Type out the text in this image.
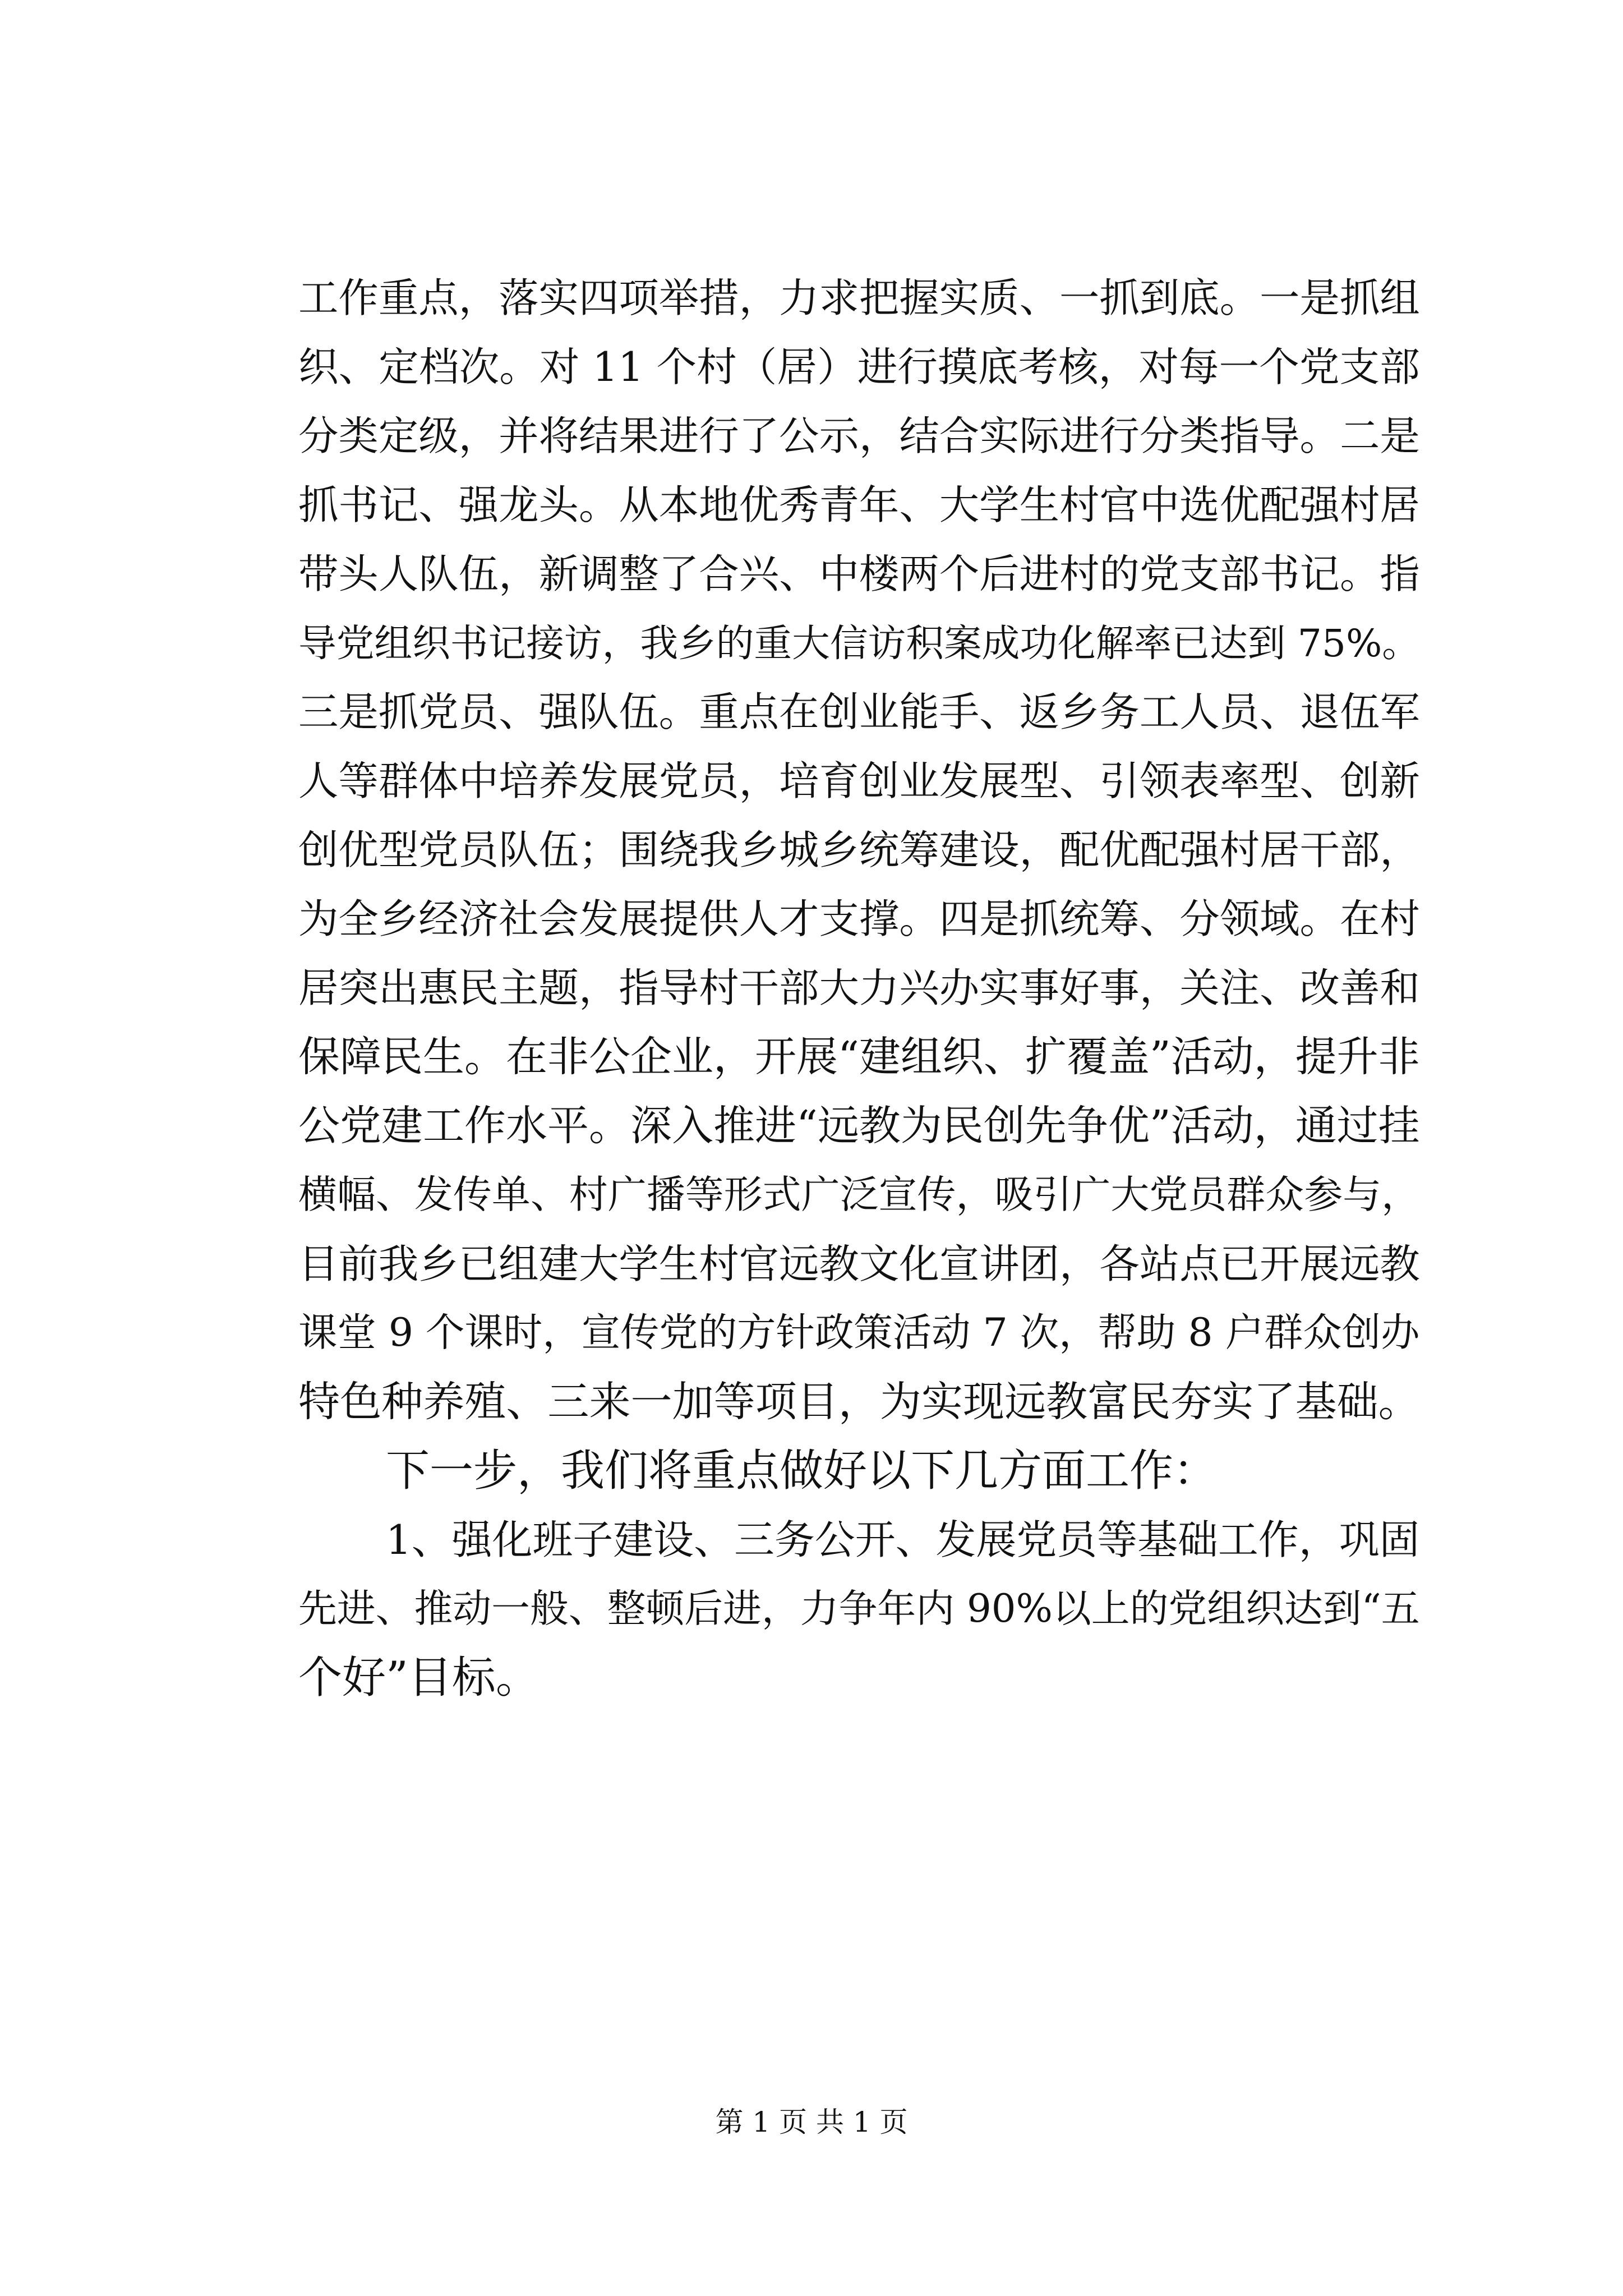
工作重点，落实四项举措，力求把握实质、一抓到底。一是抓组
织、定档次。对 11 个村（居）进行摸底考核，对每一个党支部
分类定级，并将结果进行了公示，结合实际进行分类指导。二是
抓书记、强龙头。从本地优秀青年、大学生村官中选优配强村居
带头人队伍，新调整了合兴、中楼两个后进村的党支部书记。指
导党组织书记接访，我乡的重大信访积案成功化解率已达到 75%。
三是抓党员、强队伍。重点在创业能手、返乡务工人员、退伍军
人等群体中培养发展党员，培育创业发展型、引领表率型、创新
创优型党员队伍；围绕我乡城乡统筹建设，配优配强村居干部，
为全乡经济社会发展提供人才支撑。四是抓统筹、分领域。在村
居突出惠民主题，指导村干部大力兴办实事好事，关注、改善和
保障民生。在非公企业，开展“建组织、扩覆盖”活动，提升非
公党建工作水平。深入推进“远教为民创先争优”活动，通过挂
横幅、发传单、村广播等形式广泛宣传，吸引广大党员群众参与，
目前我乡已组建大学生村官远教文化宣讲团，各站点已开展远教
课堂 9 个课时，宣传党的方针政策活动 7 次，帮助 8 户群众创办
特色种养殖、三来一加等项目，为实现远教富民夯实了基础。
下一步，我们将重点做好以下几方面工作：
1、强化班子建设、三务公开、发展党员等基础工作，巩固
先进、推动一般、整顿后进，力争年内 90%以上的党组织达到“五
个好”目标。
第 1 页 共 1 页
